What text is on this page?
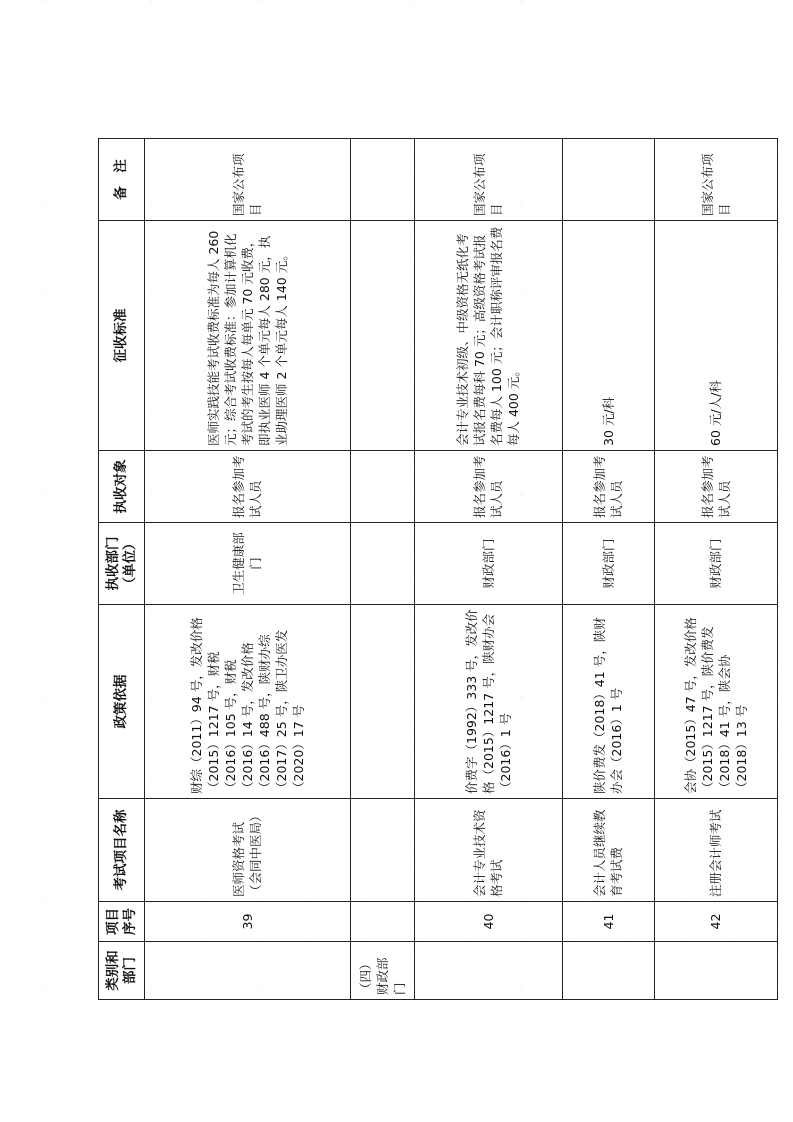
类别和部门	项目序号	考试项目名称	政策依据	执收部门（单位）	执收对象	征收标准	备　注
	39	医师资格考试（会同中医局）	财综（2011）94 号，发改价格（2015）1217 号，财税（2016）105 号，财税（2016）14 号，发改价格（2016）488 号，陕财办综（2017）25 号，陕卫办医发（2020）17 号	卫生健康部门	报名参加考试人员	医师实践技能考试收费标准为每人 260 元；综合考试收费标准：参加计算机化考试的考生按每人每单元 70 元收费，即执业医师 4 个单元每人 280 元，执业助理医师 2 个单元每人 140 元。	国家公布项目
（四）财政部门							
	40	会计专业技术资格考试	价费字（1992）333 号，发改价格（2015）1217 号，陕财办会（2016）1 号	财政部门	报名参加考试人员	会计专业技术初级、中级资格无纸化考试报名费每科 70 元；高级资格考试报名费每人 100 元；会计职称评审报名费每人 400 元。	国家公布项目
	41	会计人员继续教育考试费	陕价费发（2018）41 号，陕财办会（2016）1 号	财政部门	报名参加考试人员	30 元/科	
	42	注册会计师考试	会协（2015）47 号，发改价格（2015）1217 号，陕价费发（2018）41 号，陕会协（2018）13 号	财政部门	报名参加考试人员	60 元/人/科	国家公布项目
